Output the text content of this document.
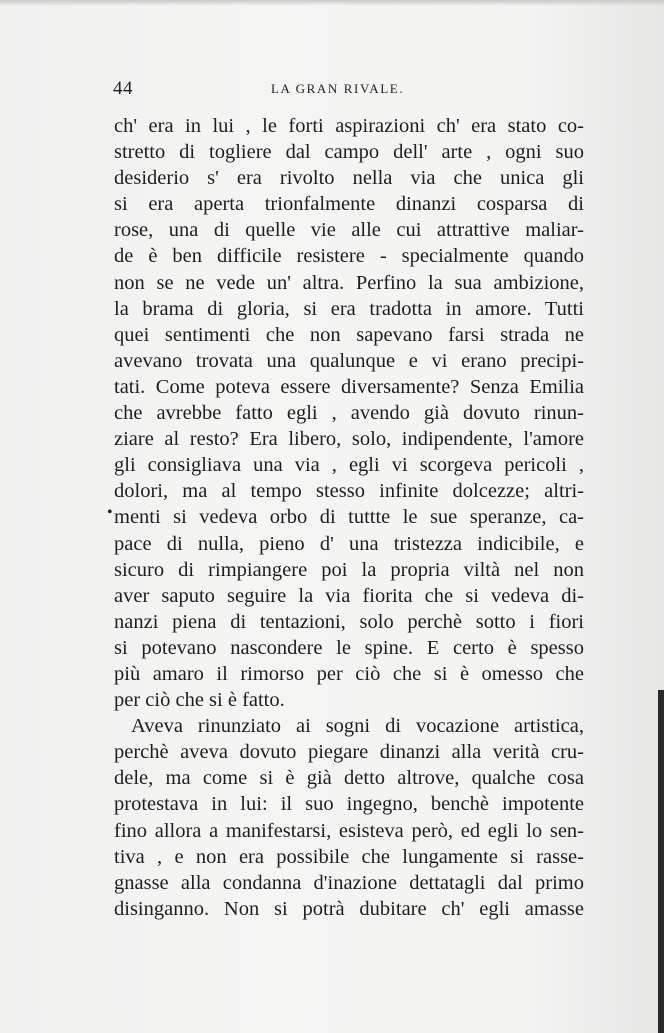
44	LA GRAN RIVALE.
•
ch' era in lui , le forti aspirazioni ch' era stato co-
stretto di togliere dal campo dell' arte , ogni suo
desiderio s' era rivolto nella via che unica gli
si era aperta trionfalmente dinanzi cosparsa di
rose, una di quelle vie alle cui attrattive maliar-
de è ben difficile resistere - specialmente quando
non se ne vede un' altra. Perfino la sua ambizione,
la brama di gloria, si era tradotta in amore. Tutti
quei sentimenti che non sapevano farsi strada ne
avevano trovata una qualunque e vi erano precipi-
tati. Come poteva essere diversamente? Senza Emilia
che avrebbe fatto egli , avendo già dovuto rinun-
ziare al resto? Era libero, solo, indipendente, l'amore
gli consigliava una via , egli vi scorgeva pericoli ,
dolori, ma al tempo stesso infinite dolcezze; altri-
menti si vedeva orbo di tuttte le sue speranze, ca-
pace di nulla, pieno d' una tristezza indicibile, e
sicuro di rimpiangere poi la propria viltà nel non
aver saputo seguire la via fiorita che si vedeva di-
nanzi piena di tentazioni, solo perchè sotto i fiori
si potevano nascondere le spine. E certo è spesso
più amaro il rimorso per ciò che si è omesso che
per ciò che si è fatto.
Aveva rinunziato ai sogni di vocazione artistica,
perchè aveva dovuto piegare dinanzi alla verità cru-
dele, ma come si è già detto altrove, qualche cosa
protestava in lui: il suo ingegno, benchè impotente
fino allora a manifestarsi, esisteva però, ed egli lo sen-
tiva , e non era possibile che lungamente si rasse-
gnasse alla condanna d'inazione dettatagli dal primo
disinganno. Non si potrà dubitare ch' egli amasse
